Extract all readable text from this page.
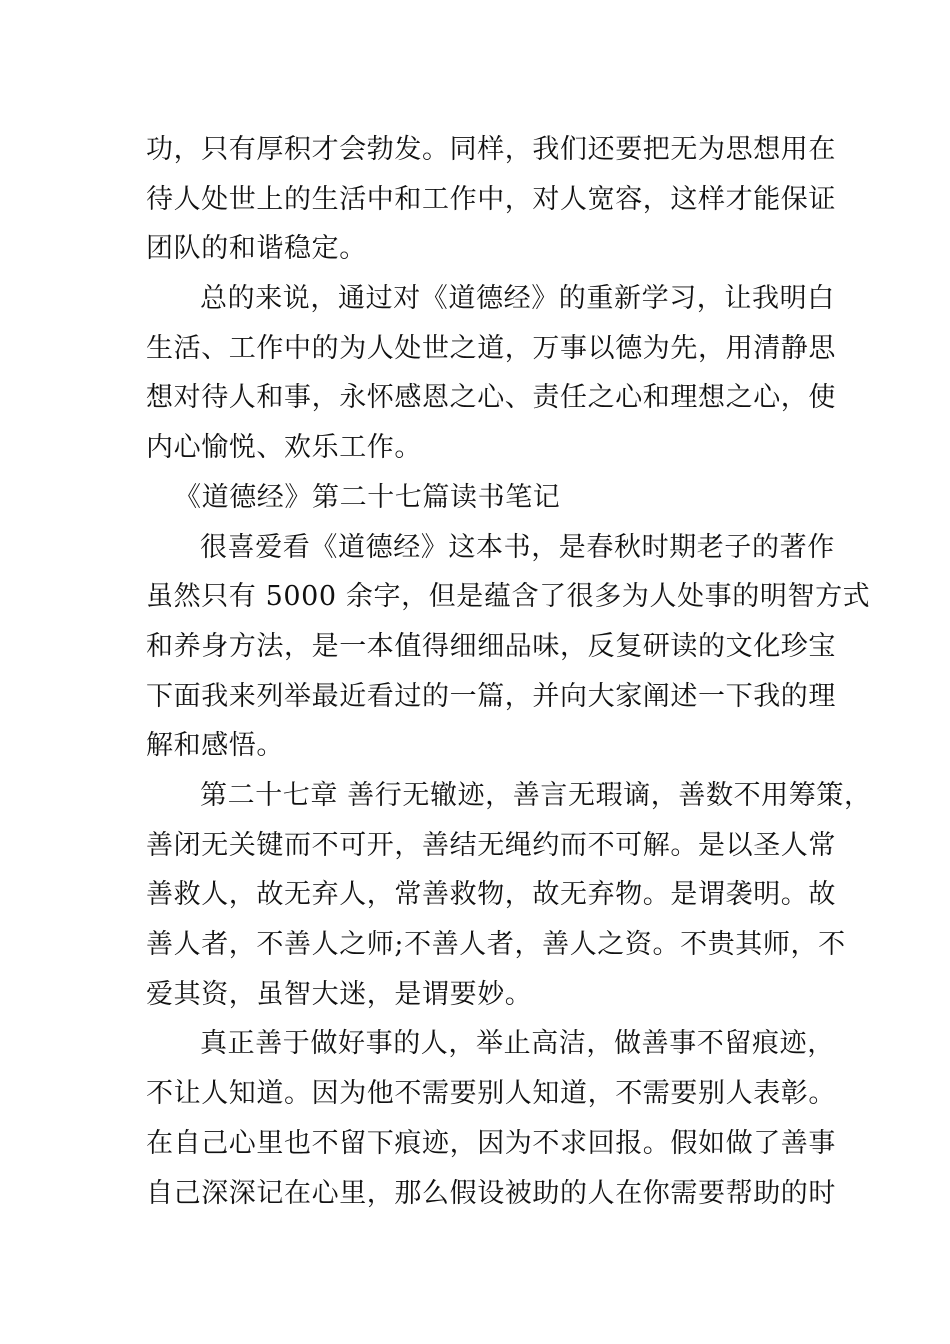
功，只有厚积才会勃发。同样，我们还要把无为思想用在
待人处世上的生活中和工作中，对人宽容，这样才能保证
团队的和谐稳定。
总的来说，通过对《道德经》的重新学习，让我明白
生活、工作中的为人处世之道，万事以德为先，用清静思
想对待人和事，永怀感恩之心、责任之心和理想之心，使
内心愉悦、欢乐工作。
《道德经》第二十七篇读书笔记
很喜爱看《道德经》这本书，是春秋时期老子的著作
虽然只有 5000 余字，但是蕴含了很多为人处事的明智方式
和养身方法，是一本值得细细品味，反复研读的文化珍宝
下面我来列举最近看过的一篇，并向大家阐述一下我的理
解和感悟。
第二十七章 善行无辙迹，善言无瑕谪，善数不用筹策，
善闭无关键而不可开，善结无绳约而不可解。是以圣人常
善救人，故无弃人，常善救物，故无弃物。是谓袭明。故
善人者，不善人之师;不善人者，善人之资。不贵其师，不
爱其资，虽智大迷，是谓要妙。
真正善于做好事的人，举止高洁，做善事不留痕迹，
不让人知道。因为他不需要别人知道，不需要别人表彰。
在自己心里也不留下痕迹，因为不求回报。假如做了善事
自己深深记在心里，那么假设被助的人在你需要帮助的时
